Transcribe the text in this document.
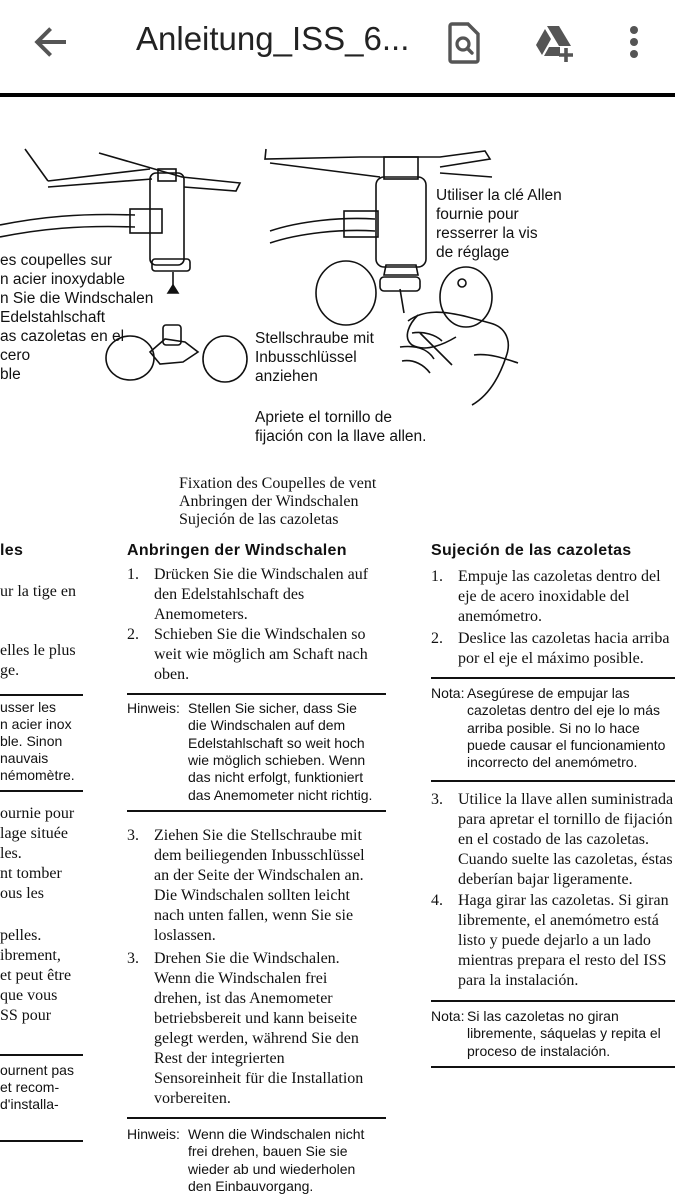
Anleitung_ISS_6...
es coupelles sur
n acier inoxydable
n Sie die Windschalen
Edelstahlschaft
as cazoletas en el
cero
ble
Utiliser la clé Allen
fournie pour
resserrer la vis
de réglage
Stellschraube mit
Inbusschlüssel
anziehen
Apriete el tornillo de
fijación con la llave allen.
Fixation des Coupelles de vent
Anbringen der Windschalen
Sujeción de las cazoletas
les
ur la tige en
elles le plus
ge.
usser les
n acier inox
ble. Sinon
nauvais
némomètre.
ournie pour
lage située
les.
nt tomber
ous les
pelles.
ibrement,
et peut être
que vous
SS pour
ournent pas
et recom-
d'installa-
Anbringen der Windschalen
1. Drücken Sie die Windschalen auf
den Edelstahlschaft des
Anemometers.
2. Schieben Sie die Windschalen so
weit wie möglich am Schaft nach
oben.
Hinweis: Stellen Sie sicher, dass Sie
die Windschalen auf dem
Edelstahlschaft so weit hoch
wie möglich schieben. Wenn
das nicht erfolgt, funktioniert
das Anemometer nicht richtig.
3. Ziehen Sie die Stellschraube mit
dem beiliegenden Inbusschlüssel
an der Seite der Windschalen an.
Die Windschalen sollten leicht
nach unten fallen, wenn Sie sie
loslassen.
3. Drehen Sie die Windschalen.
Wenn die Windschalen frei
drehen, ist das Anemometer
betriebsbereit und kann beiseite
gelegt werden, während Sie den
Rest der integrierten
Sensoreinheit für die Installation
vorbereiten.
Hinweis: Wenn die Windschalen nicht
frei drehen, bauen Sie sie
wieder ab und wiederholen
den Einbauvorgang.
Sujeción de las cazoletas
1. Empuje las cazoletas dentro del
eje de acero inoxidable del
anemómetro.
2. Deslice las cazoletas hacia arriba
por el eje el máximo posible.
Nota: Asegúrese de empujar las
cazoletas dentro del eje lo más
arriba posible. Si no lo hace
puede causar el funcionamiento
incorrecto del anemómetro.
3. Utilice la llave allen suministrada
para apretar el tornillo de fijación
en el costado de las cazoletas.
Cuando suelte las cazoletas, éstas
deberían bajar ligeramente.
4. Haga girar las cazoletas. Si giran
libremente, el anemómetro está
listo y puede dejarlo a un lado
mientras prepara el resto del ISS
para la instalación.
Nota: Si las cazoletas no giran
libremente, sáquelas y repita el
proceso de instalación.
